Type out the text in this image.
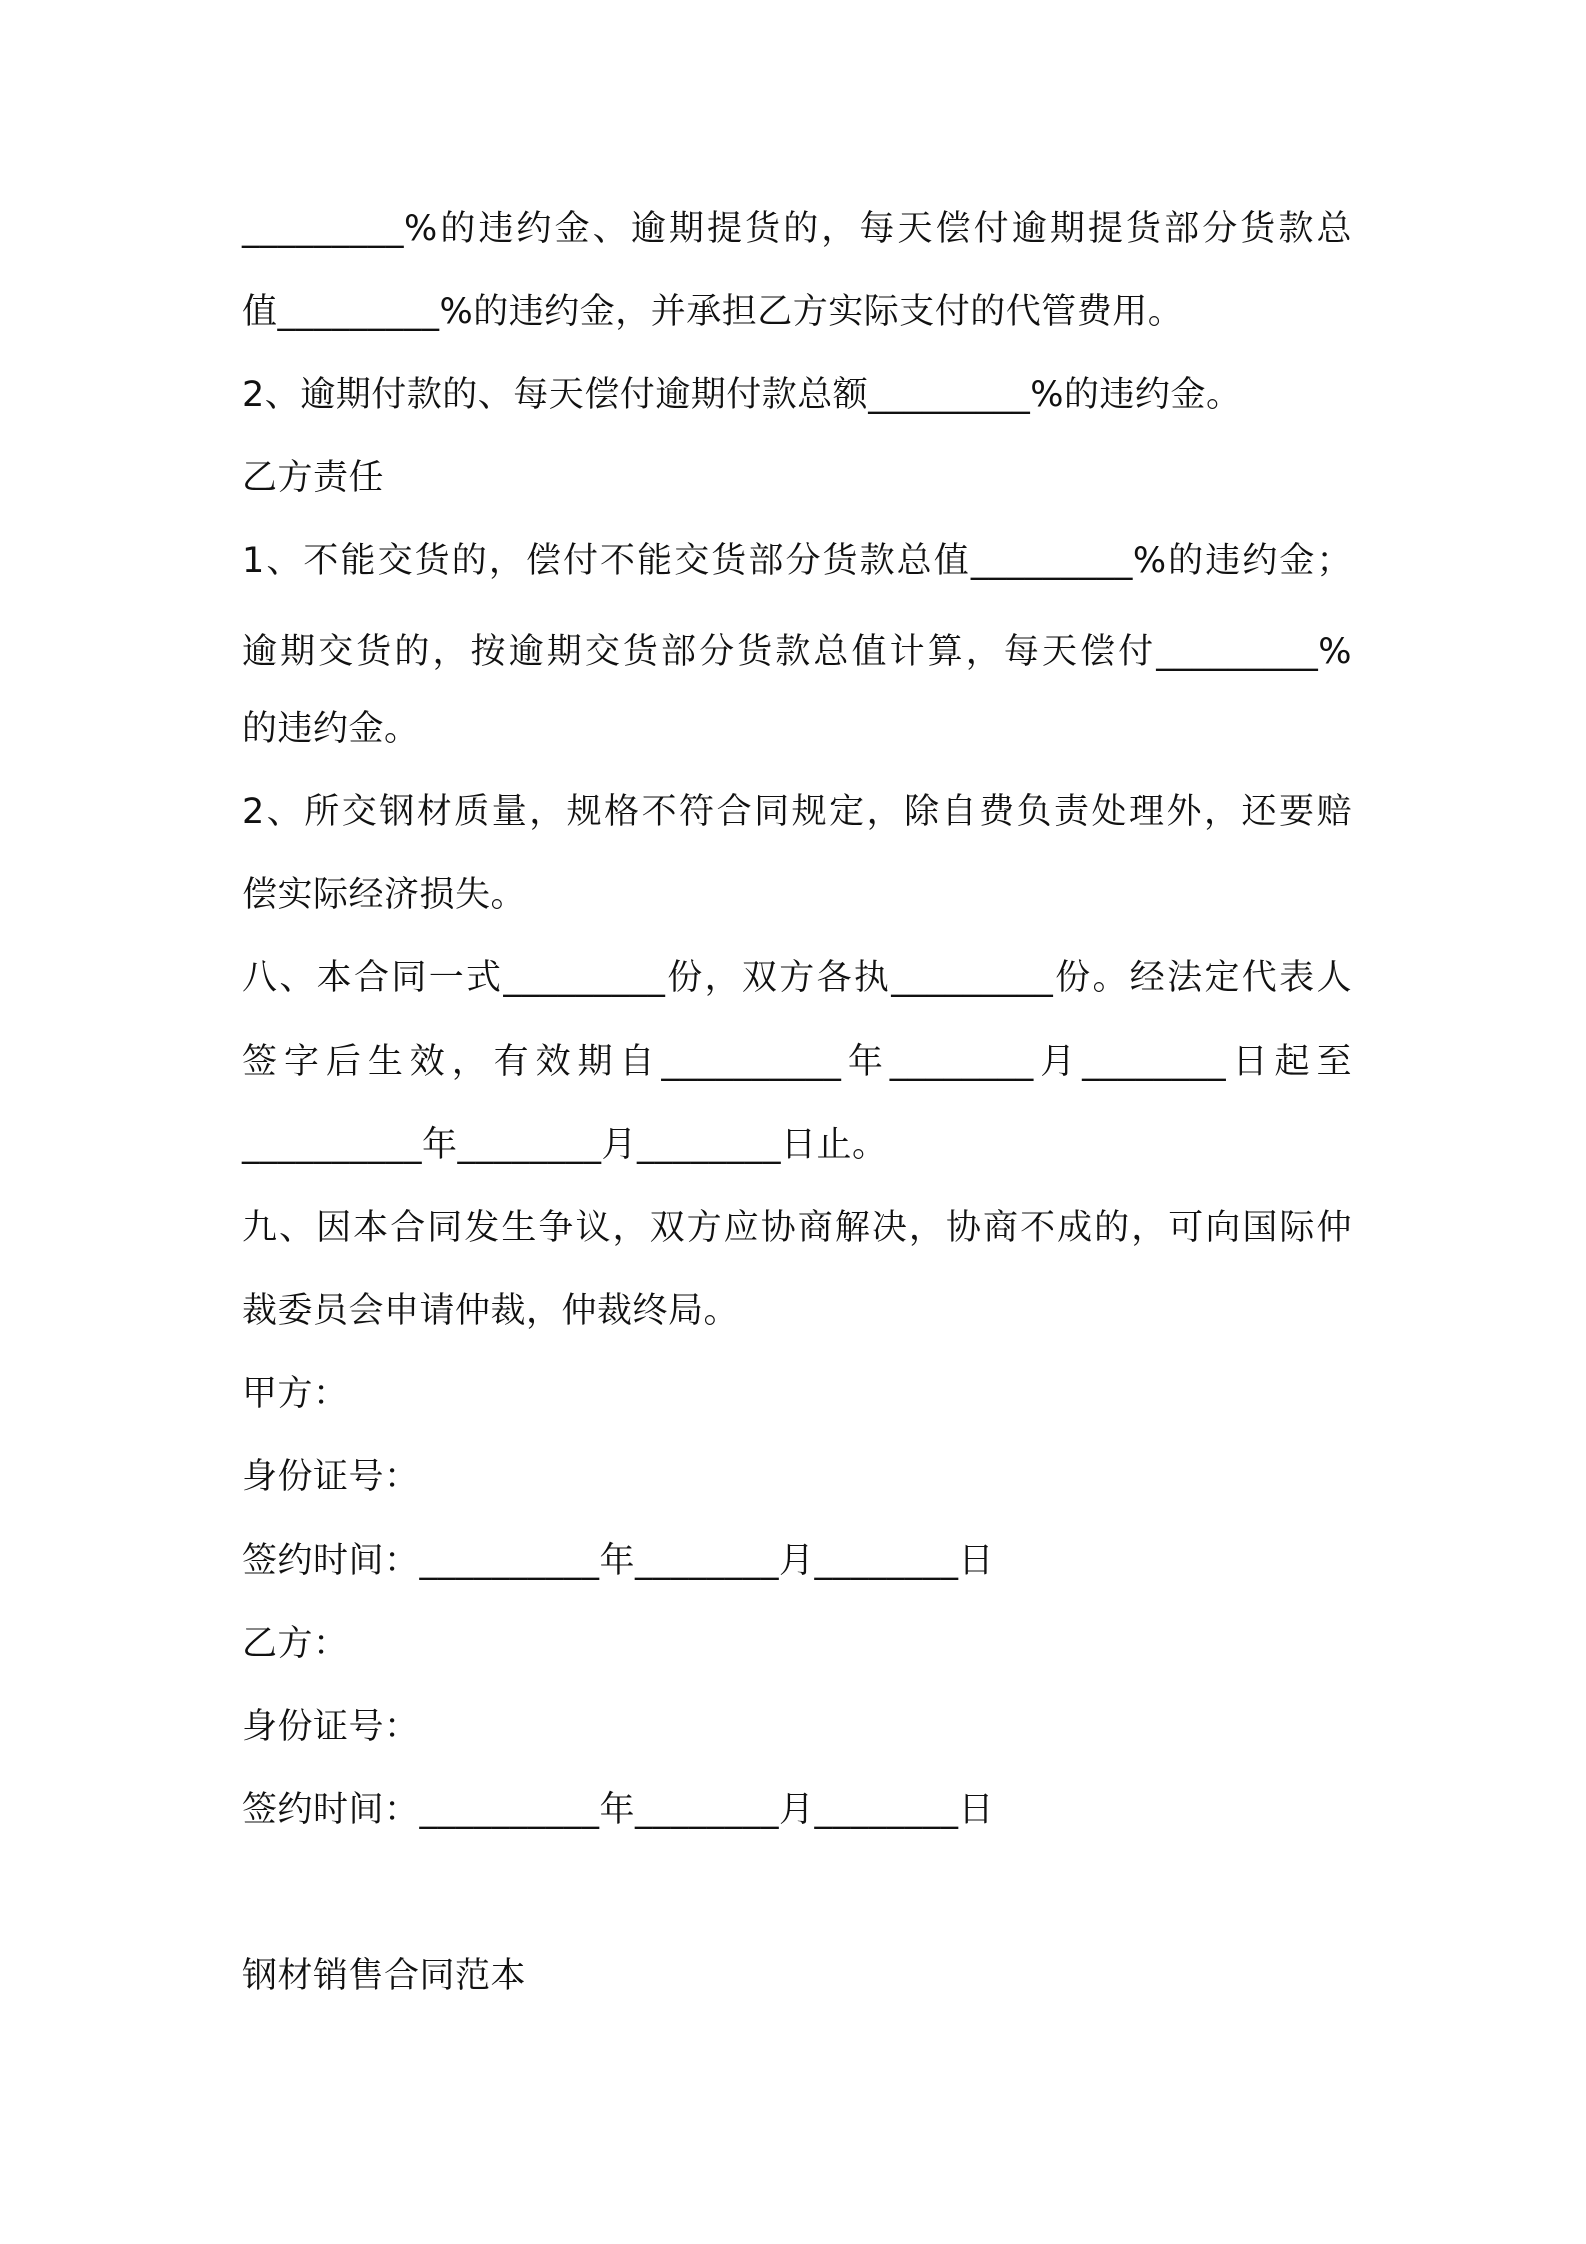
_________%的违约金、逾期提货的，每天偿付逾期提货部分货款总
值_________%的违约金，并承担乙方实际支付的代管费用。
2、逾期付款的、每天偿付逾期付款总额_________%的违约金。
乙方责任
1、不能交货的，偿付不能交货部分货款总值_________%的违约金；
逾期交货的，按逾期交货部分货款总值计算，每天偿付_________%
的违约金。
2、所交钢材质量，规格不符合同规定，除自费负责处理外，还要赔
偿实际经济损失。
八、本合同一式_________份，双方各执_________份。经法定代表人
签字后生效，有效期自__________年________月________日起至
__________年________月________日止。
九、因本合同发生争议，双方应协商解决，协商不成的，可向国际仲
裁委员会申请仲裁，仲裁终局。
甲方：
身份证号：
签约时间：__________年________月________日
乙方：
身份证号：
签约时间：__________年________月________日
钢材销售合同范本
